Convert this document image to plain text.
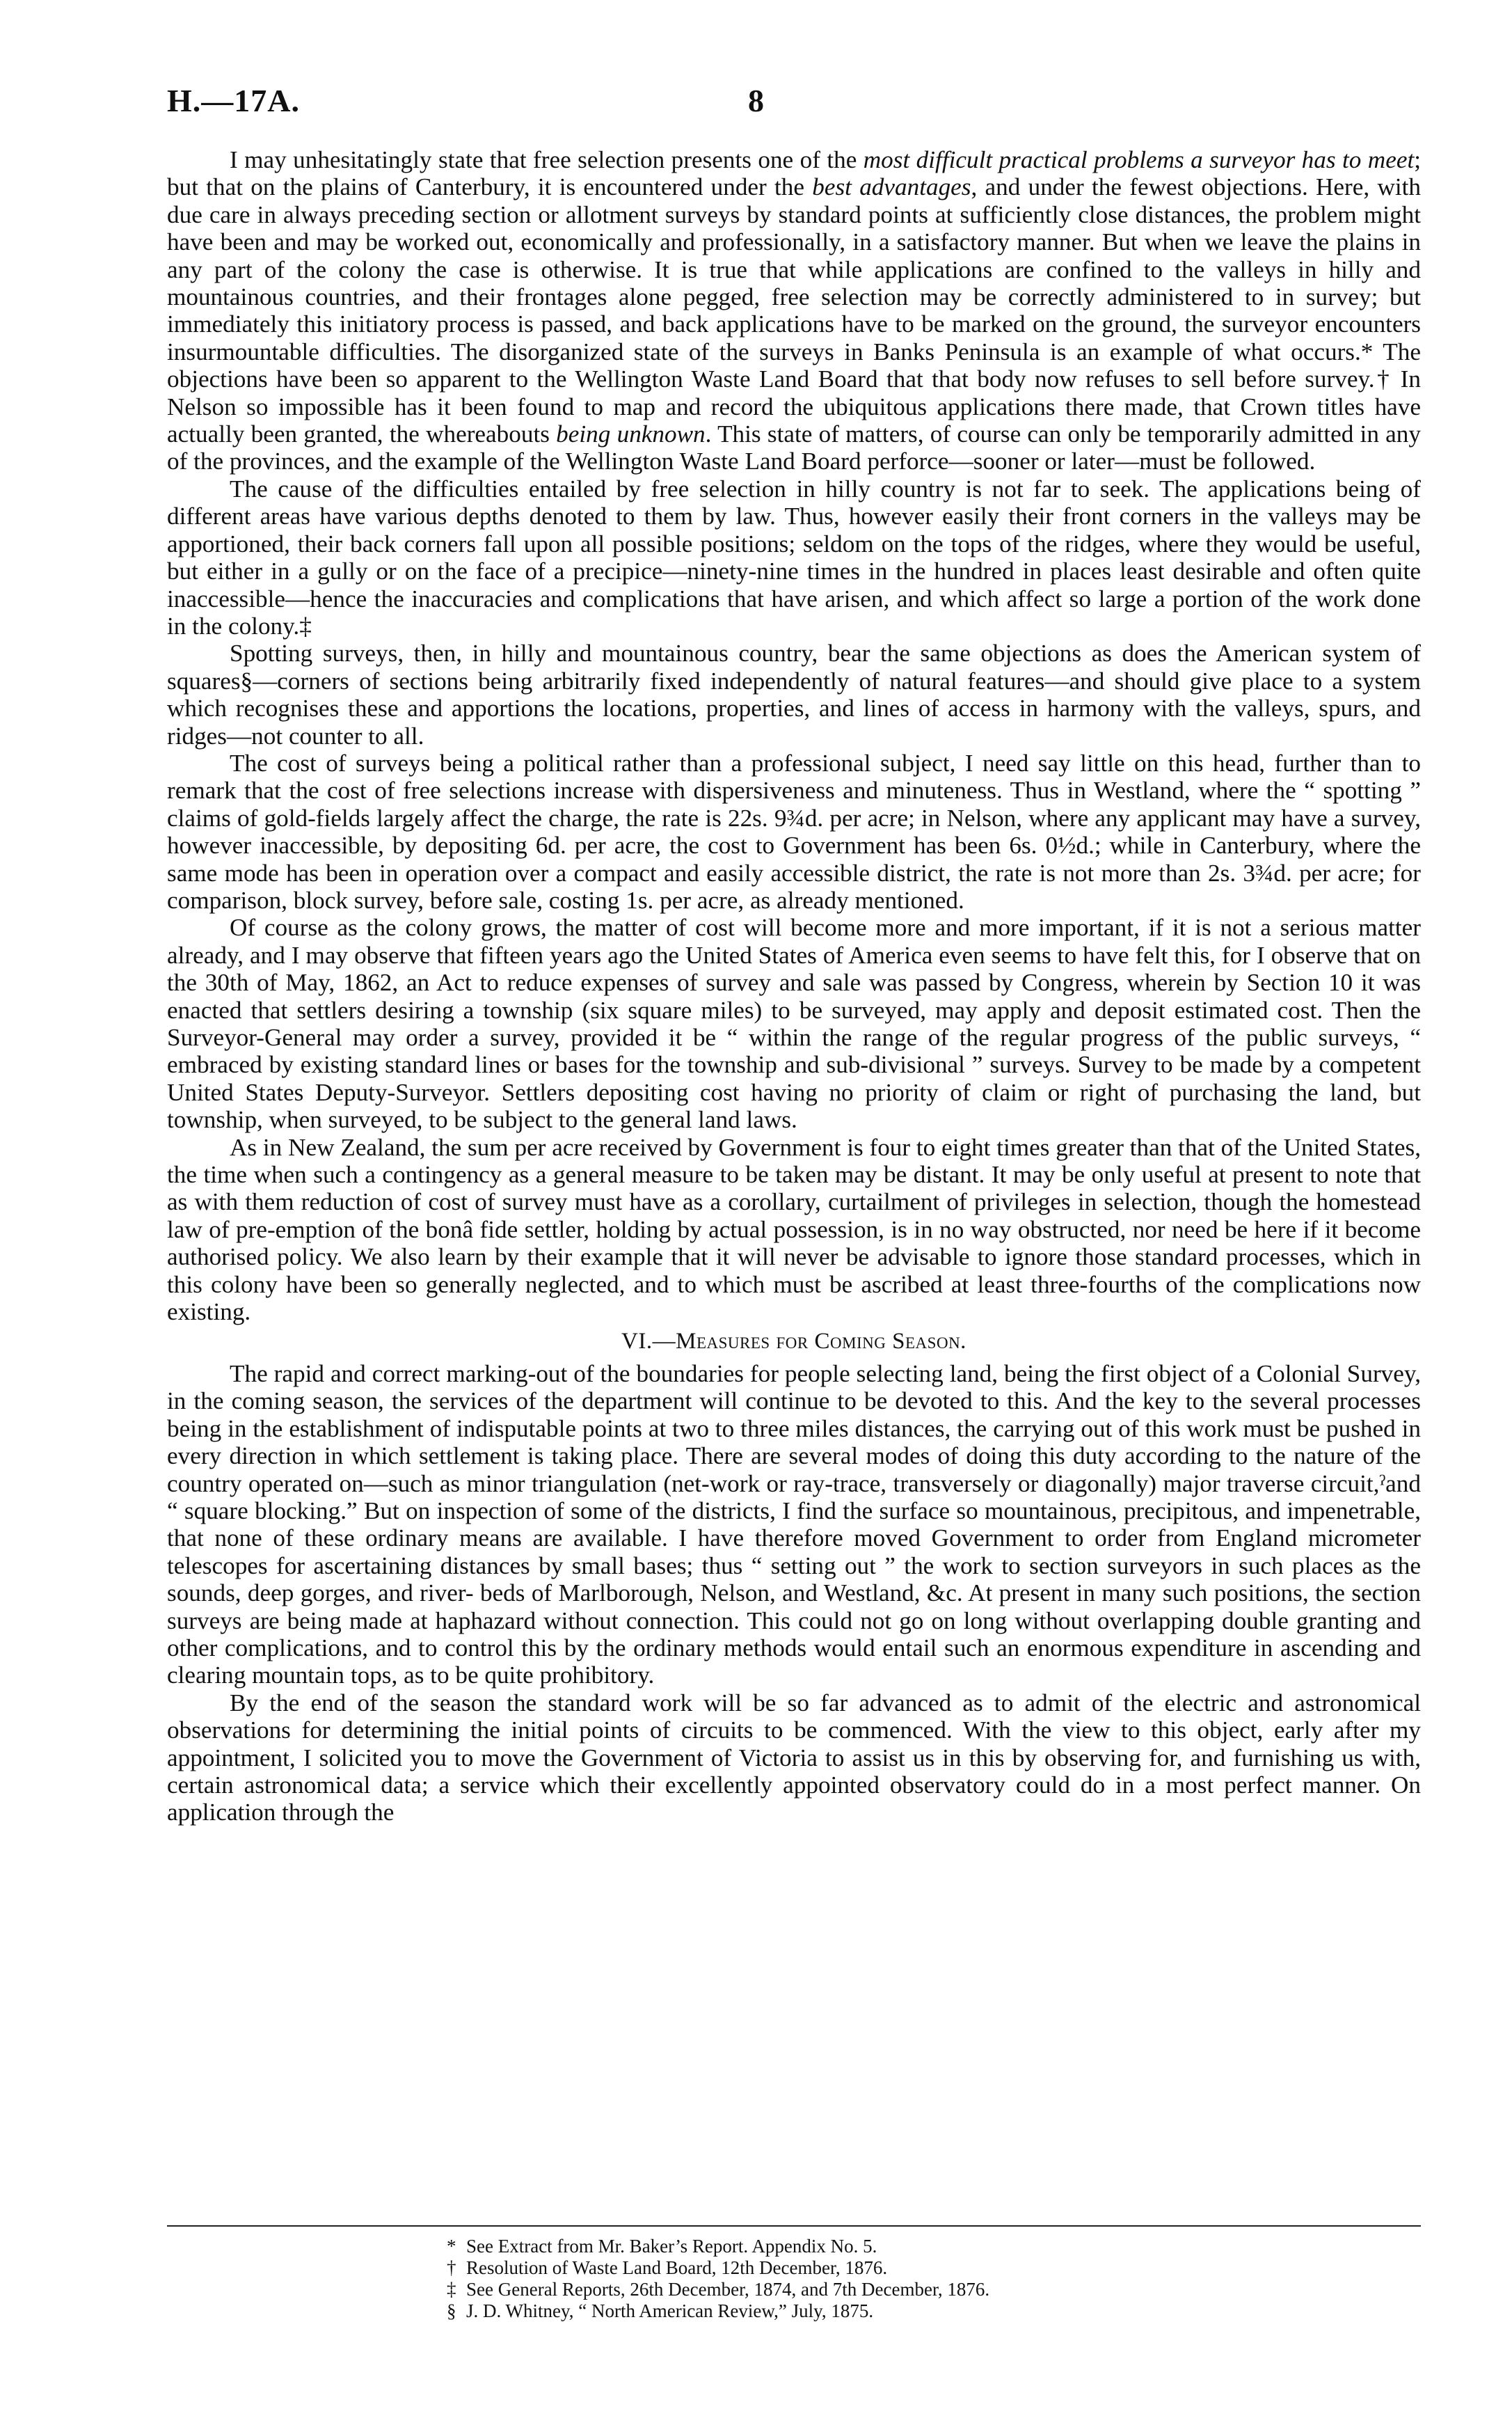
H.—17A.	8

I may unhesitatingly state that free selection presents one of the most difficult practical problems a surveyor has to meet; but that on the plains of Canterbury, it is encountered under the best advantages, and under the fewest objections. Here, with due care in always preceding section or allotment surveys by standard points at sufficiently close distances, the problem might have been and may be worked out, economically and professionally, in a satisfactory manner. But when we leave the plains in any part of the colony the case is otherwise. It is true that while applications are confined to the valleys in hilly and mountainous countries, and their frontages alone pegged, free selection may be correctly administered to in survey; but immediately this initiatory process is passed, and back applications have to be marked on the ground, the surveyor encounters insurmountable difficulties. The disorganized state of the surveys in Banks Peninsula is an example of what occurs.* The objections have been so apparent to the Wellington Waste Land Board that that body now refuses to sell before survey.† In Nelson so impossible has it been found to map and record the ubiquitous applications there made, that Crown titles have actually been granted, the whereabouts being unknown. This state of matters, of course can only be temporarily admitted in any of the provinces, and the example of the Wellington Waste Land Board perforce—sooner or later—must be followed.

The cause of the difficulties entailed by free selection in hilly country is not far to seek. The applications being of different areas have various depths denoted to them by law. Thus, however easily their front corners in the valleys may be apportioned, their back corners fall upon all possible positions; seldom on the tops of the ridges, where they would be useful, but either in a gully or on the face of a precipice—ninety-nine times in the hundred in places least desirable and often quite inaccessible—hence the inaccuracies and complications that have arisen, and which affect so large a portion of the work done in the colony.‡

Spotting surveys, then, in hilly and mountainous country, bear the same objections as does the American system of squares§—corners of sections being arbitrarily fixed independently of natural features—and should give place to a system which recognises these and apportions the locations, properties, and lines of access in harmony with the valleys, spurs, and ridges—not counter to all.

The cost of surveys being a political rather than a professional subject, I need say little on this head, further than to remark that the cost of free selections increase with dispersiveness and minuteness. Thus in Westland, where the “ spotting ” claims of gold-fields largely affect the charge, the rate is 22s. 9¾d. per acre; in Nelson, where any applicant may have a survey, however inaccessible, by depositing 6d. per acre, the cost to Government has been 6s. 0½d.; while in Canterbury, where the same mode has been in operation over a compact and easily accessible district, the rate is not more than 2s. 3¾d. per acre; for comparison, block survey, before sale, costing 1s. per acre, as already mentioned.

Of course as the colony grows, the matter of cost will become more and more important, if it is not a serious matter already, and I may observe that fifteen years ago the United States of America even seems to have felt this, for I observe that on the 30th of May, 1862, an Act to reduce expenses of survey and sale was passed by Congress, wherein by Section 10 it was enacted that settlers desiring a township (six square miles) to be surveyed, may apply and deposit estimated cost. Then the Surveyor-General may order a survey, provided it be “ within the range of the regular progress of the public surveys, “ embraced by existing standard lines or bases for the township and sub-divisional ” surveys. Survey to be made by a competent United States Deputy-Surveyor. Settlers depositing cost having no priority of claim or right of purchasing the land, but township, when surveyed, to be subject to the general land laws.

As in New Zealand, the sum per acre received by Government is four to eight times greater than that of the United States, the time when such a contingency as a general measure to be taken may be distant. It may be only useful at present to note that as with them reduction of cost of survey must have as a corollary, curtailment of privileges in selection, though the homestead law of pre-emption of the bonâ fide settler, holding by actual possession, is in no way obstructed, nor need be here if it become authorised policy. We also learn by their example that it will never be advisable to ignore those standard processes, which in this colony have been so generally neglected, and to which must be ascribed at least three-fourths of the complications now existing.

VI.—Measures for Coming Season.

The rapid and correct marking-out of the boundaries for people selecting land, being the first object of a Colonial Survey, in the coming season, the services of the department will continue to be devoted to this. And the key to the several processes being in the establishment of indisputable points at two to three miles distances, the carrying out of this work must be pushed in every direction in which settlement is taking place. There are several modes of doing this duty according to the nature of the country operated on—such as minor triangulation (net-work or ray-trace, transversely or diagonally) major traverse circuit,ˀand “ square blocking.” But on inspection of some of the districts, I find the surface so mountainous, precipitous, and impenetrable, that none of these ordinary means are available. I have therefore moved Government to order from England micrometer telescopes for ascertaining distances by small bases; thus “ setting out ” the work to section surveyors in such places as the sounds, deep gorges, and river- beds of Marlborough, Nelson, and Westland, &c. At present in many such positions, the section surveys are being made at haphazard without connection. This could not go on long without overlapping double granting and other complications, and to control this by the ordinary methods would entail such an enormous expenditure in ascending and clearing mountain tops, as to be quite prohibitory.

By the end of the season the standard work will be so far advanced as to admit of the electric and astronomical observations for determining the initial points of circuits to be commenced. With the view to this object, early after my appointment, I solicited you to move the Government of Victoria to assist us in this by observing for, and furnishing us with, certain astronomical data; a service which their excellently appointed observatory could do in a most perfect manner. On application through the

* See Extract from Mr. Baker’s Report. Appendix No. 5.
† Resolution of Waste Land Board, 12th December, 1876.
‡ See General Reports, 26th December, 1874, and 7th December, 1876.
§ J. D. Whitney, “ North American Review,” July, 1875.
